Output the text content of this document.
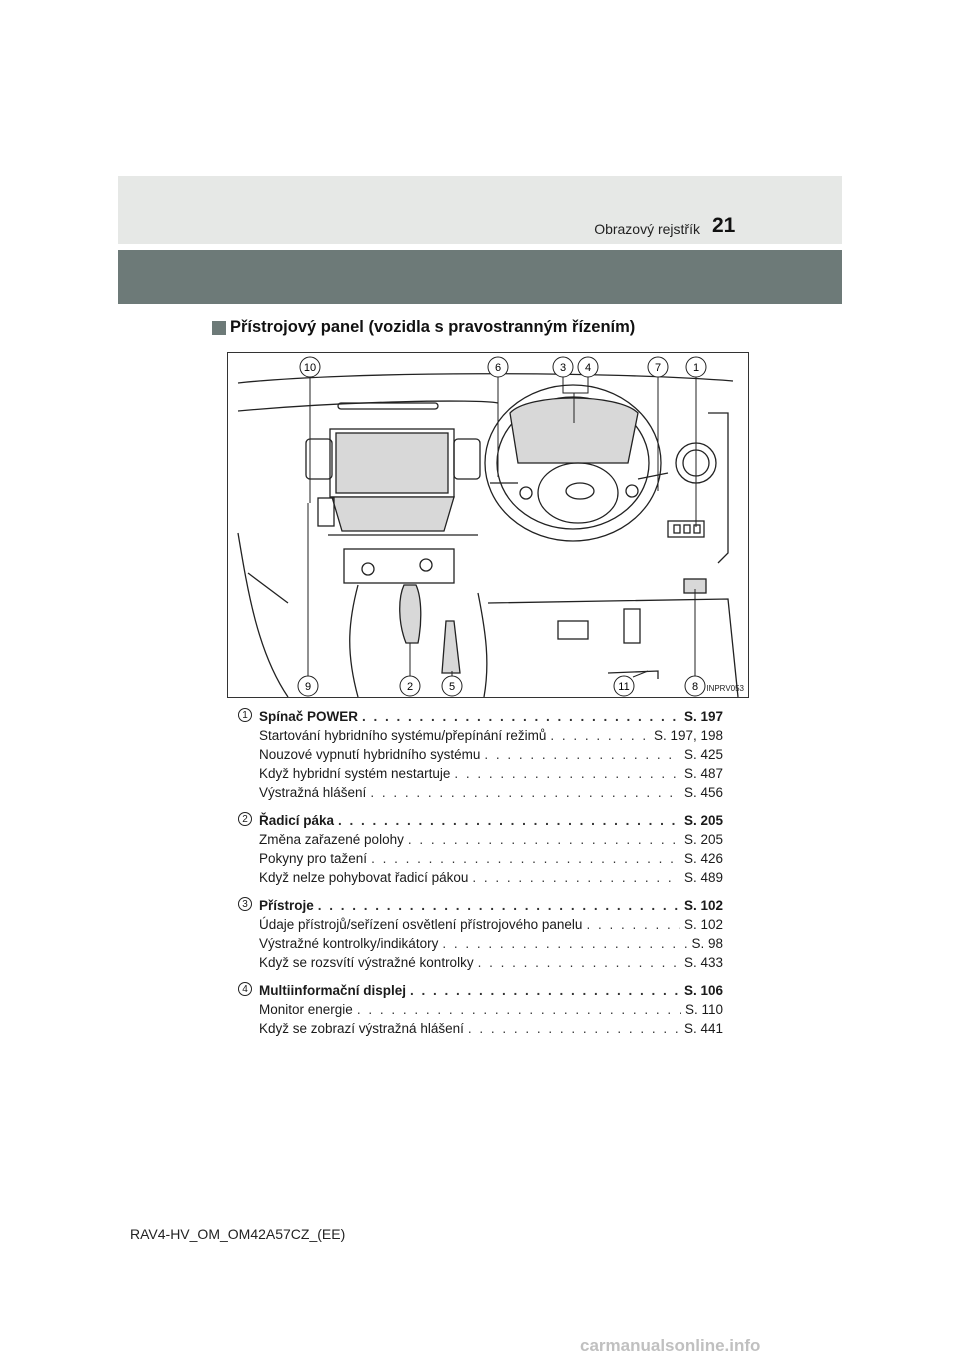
Obrazový rejstřík 21
Přístrojový panel (vozidla s pravostranným řízením)
10	6	3 4	7	1
9	2	5	11	8 INPRV053
1 Spínač POWER . . .	S. 197
Startování hybridního systému/přepínání režimů . . .	S. 197, 198
Nouzové vypnutí hybridního systému . . .	S. 425
Když hybridní systém nestartuje . . .	S. 487
Výstražná hlášení . . .	S. 456
2 Řadicí páka . . .	S. 205
Změna zařazené polohy . . .	S. 205
Pokyny pro tažení . . .	S. 426
Když nelze pohybovat řadicí pákou . . .	S. 489
3 Přístroje . . .	S. 102
Údaje přístrojů/seřízení osvětlení přístrojového panelu . . .	S. 102
Výstražné kontrolky/indikátory . . .	S. 98
Když se rozsvítí výstražné kontrolky . . .	S. 433
4 Multiinformační displej . . .	S. 106
Monitor energie . . .	S. 110
Když se zobrazí výstražná hlášení . . .	S. 441
RAV4-HV_OM_OM42A57CZ_(EE)
carmanualsonline.info
